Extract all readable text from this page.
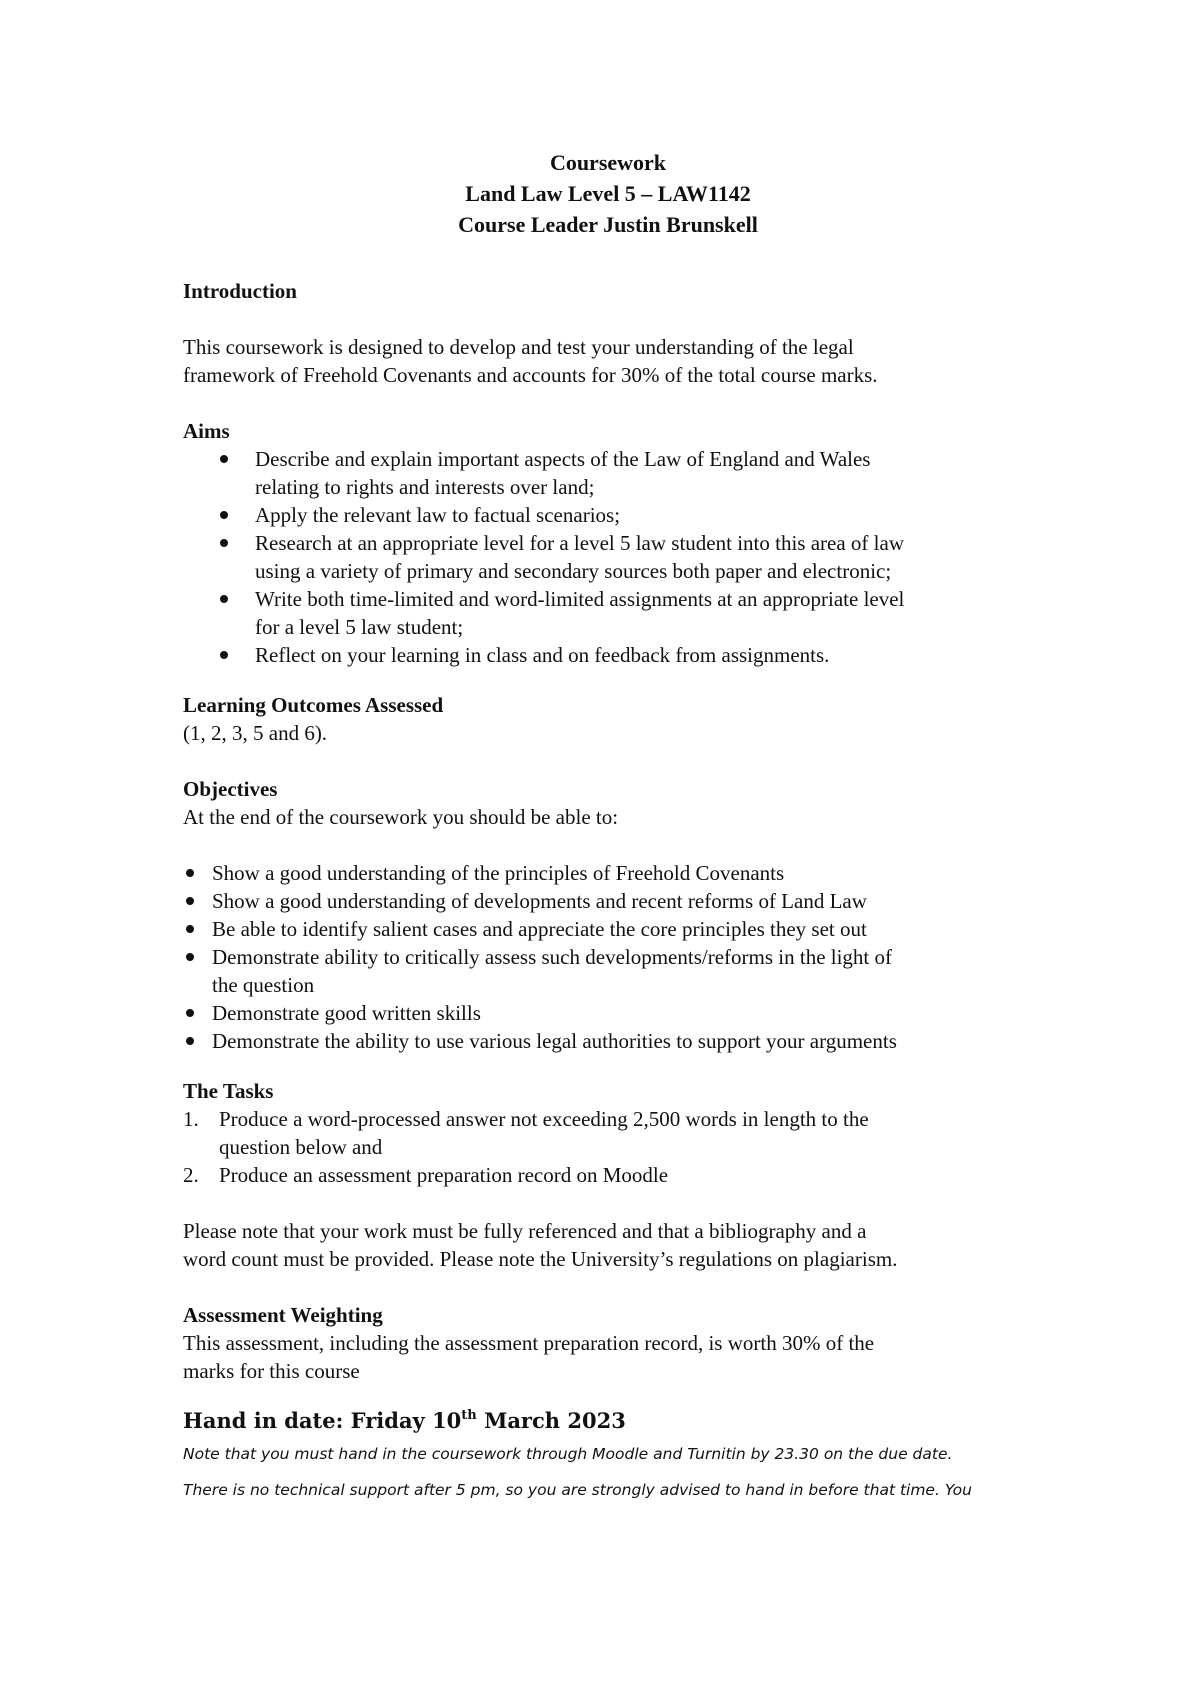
Coursework
Land Law Level 5 – LAW1142
Course Leader Justin Brunskell
Introduction

This coursework is designed to develop and test your understanding of the legal

framework of Freehold Covenants and accounts for 30% of the total course marks.

Aims
Describe and explain important aspects of the Law of England and Wales
relating to rights and interests over land;
Apply the relevant law to factual scenarios;
Research at an appropriate level for a level 5 law student into this area of law
using a variety of primary and secondary sources both paper and electronic;
Write both time-limited and word-limited assignments at an appropriate level
for a level 5 law student;
Reflect on your learning in class and on feedback from assignments.
Learning Outcomes Assessed

(1, 2, 3, 5 and 6).

Objectives

At the end of the coursework you should be able to:

Show a good understanding of the principles of Freehold Covenants
Show a good understanding of developments and recent reforms of Land Law
Be able to identify salient cases and appreciate the core principles they set out
Demonstrate ability to critically assess such developments/reforms in the light of
the question
Demonstrate good written skills
Demonstrate the ability to use various legal authorities to support your arguments
The Tasks
1. Produce a word-processed answer not exceeding 2,500 words in length to the
question below and
2. Produce an assessment preparation record on Moodle

Please note that your work must be fully referenced and that a bibliography and a

word count must be provided. Please note the University’s regulations on plagiarism.

Assessment Weighting

This assessment, including the assessment preparation record, is worth 30% of the

marks for this course

Hand in date: Friday 10th March 2023

Note that you must hand in the coursework through Moodle and Turnitin by 23.30 on the due date.

There is no technical support after 5 pm, so you are strongly advised to hand in before that time. You
